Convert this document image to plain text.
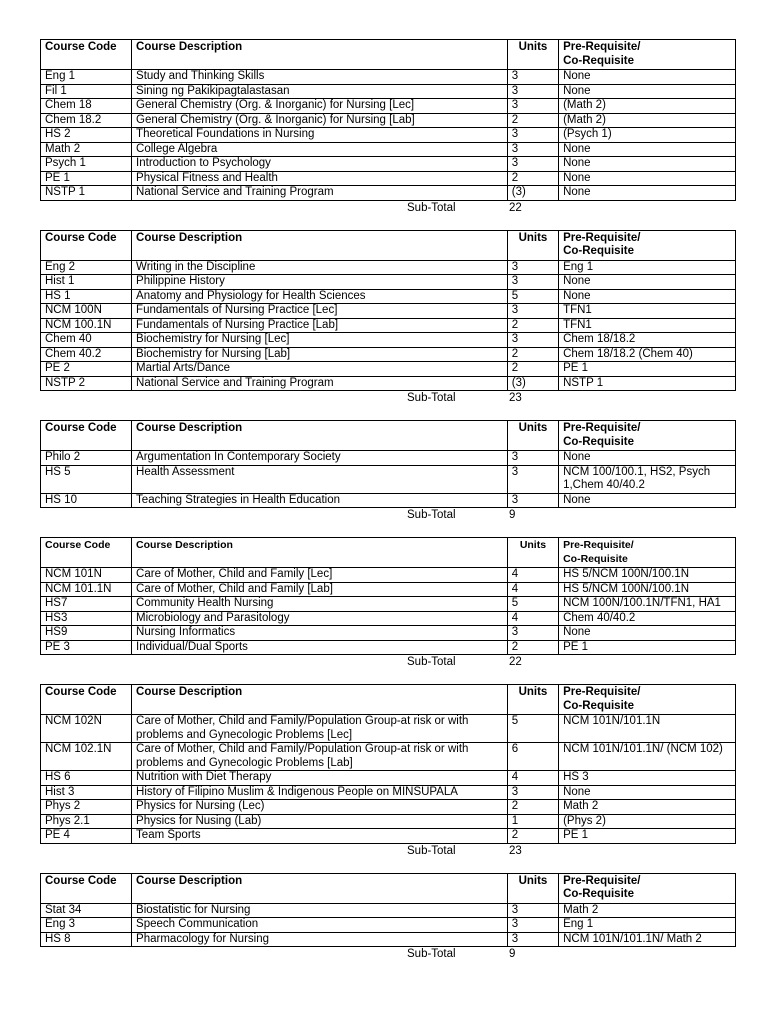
Course Code	Course Description	Units	Pre-Requisite/
Co-Requisite

Eng 1	Study and Thinking Skills	3	None
Fil 1	Sining ng Pakikipagtalastasan	3	None
Chem 18	General Chemistry (Org. & Inorganic) for Nursing [Lec]	3	(Math 2)
Chem 18.2	General Chemistry (Org. & Inorganic) for Nursing [Lab]	2	(Math 2)
HS 2	Theoretical Foundations in Nursing	3	(Psych 1)
Math 2	College Algebra	3	None
Psych 1	Introduction to Psychology	3	None
PE 1	Physical Fitness and Health	2	None
NSTP 1	National Service and Training Program	(3)	None
Sub-Total	22
Course Code	Course Description	Units	Pre-Requisite/
Co-Requisite

Eng 2	Writing in the Discipline	3	Eng 1
Hist 1	Philippine History	3	None
HS 1	Anatomy and Physiology for Health Sciences	5	None
NCM 100N	Fundamentals of Nursing Practice [Lec]	3	TFN1
NCM 100.1N	Fundamentals of Nursing Practice [Lab]	2	TFN1
Chem 40	Biochemistry for Nursing [Lec]	3	Chem 18/18.2
Chem 40.2	Biochemistry for Nursing [Lab]	2	Chem 18/18.2 (Chem 40)
PE 2	Martial Arts/Dance	2	PE 1
NSTP 2	National Service and Training Program	(3)	NSTP 1
Sub-Total	23
Course Code	Course Description	Units	Pre-Requisite/
Co-Requisite

Philo 2	Argumentation In Contemporary Society	3	None
HS 5	Health Assessment	3	NCM 100/100.1, HS2, Psych 1,Chem 40/40.2
HS 10	Teaching Strategies in Health Education	3	None
Sub-Total	9
Course Code	Course Description	Units	Pre-Requisite/
Co-Requisite

NCM 101N	Care of Mother, Child and Family [Lec]	4	HS 5/NCM 100N/100.1N
NCM 101.1N	Care of Mother, Child and Family [Lab]	4	HS 5/NCM 100N/100.1N
HS7	Community Health Nursing	5	NCM 100N/100.1N/TFN1, HA1
HS3	Microbiology and Parasitology	4	Chem 40/40.2
HS9	Nursing Informatics	3	None
PE 3	Individual/Dual Sports	2	PE 1
Sub-Total	22
Course Code	Course Description	Units	Pre-Requisite/
Co-Requisite

NCM 102N	Care of Mother, Child and Family/Population Group-at risk or with problems and Gynecologic Problems [Lec]	5	NCM 101N/101.1N
NCM 102.1N	Care of Mother, Child and Family/Population Group-at risk or with problems and Gynecologic Problems [Lab]	6	NCM 101N/101.1N/ (NCM 102)
HS 6	Nutrition with Diet Therapy	4	HS 3
Hist 3	History of Filipino Muslim & Indigenous People on MINSUPALA	3	None
Phys 2	Physics for Nursing (Lec)	2	Math 2
Phys 2.1	Physics for Nusing (Lab)	1	(Phys 2)
PE 4	Team Sports	2	PE 1
Sub-Total	23
Course Code	Course Description	Units	Pre-Requisite/
Co-Requisite

Stat 34	Biostatistic for Nursing	3	Math 2
Eng 3	Speech Communication	3	Eng 1
HS 8	Pharmacology for Nursing	3	NCM 101N/101.1N/ Math 2
Sub-Total	9
